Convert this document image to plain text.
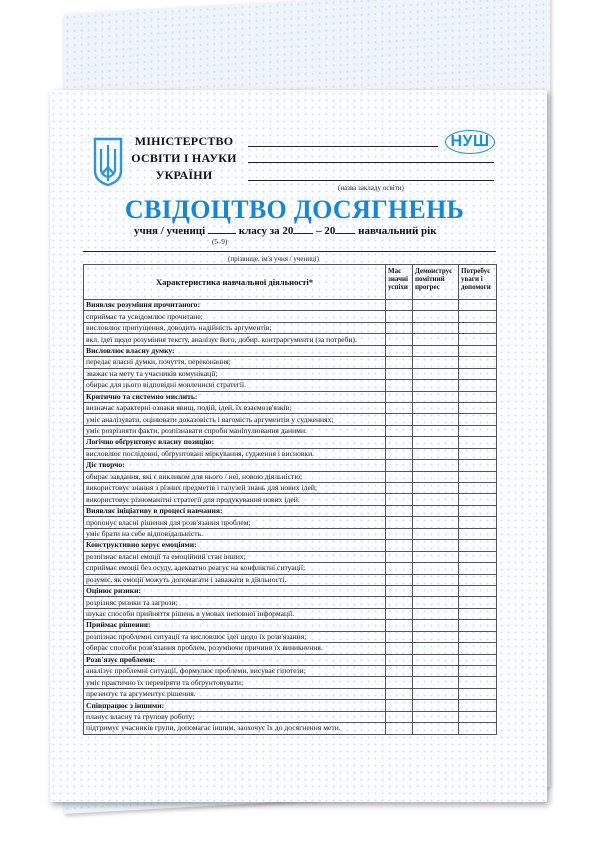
МІНІСТЕРСТВО
ОСВІТИ І НАУКИ
УКРАЇНИ
(назва закладу освіти)
НУШ
СВІДОЦТВО ДОСЯГНЕНЬ
учня / учениці	класу за 20 – 20 навчальний рік
(5–9)
(прізвище, ім'я учня / учениці)
Характеристика навчальної діяльності*	Має значні успіхи	Демонструє помітний прогрес	Потребує уваги і допомоги
Виявляє розуміння прочитаного:			
сприймає та усвідомлює прочитане;			
висловлює припущення, доводить надійність аргументів;			
вкл. ідеї щодо розуміння тексту, аналізує його, добир. контраргументи (за потреби).			
Висловлює власну думку:			
передає власні думки, почуття, переконання;			
зважає на мету та учасників комунікації;			
обирає для цього відповідні мовленнєві стратегії.			
Критично та системно мислить:			
визначає характерні ознаки явищ, подій, ідей, їх взаємозв'язків;			
уміє аналізувати, оцінювати доказовість і вагомість аргументів у судженнях;			
уміє розрізняти факти, розпізнавати спроби маніпулювання даними.			
Логічно обґрунтовує власну позицію:			
висловлює послідовні, обґрунтовані міркування, судження і висновки.			
Діє творчо:			
обирає завдання, які є викликом для нього / неї, новою діяльністю;			
використовує знання з різних предметів і галузей знань для нових ідей;			
використовує різноманітні стратегії для продукування нових ідей.			
Виявляє ініціативу в процесі навчання:			
пропонує власні рішення для розв'язання проблем;			
уміє брати на себе відповідальність.			
Конструктивно керує емоціями:			
розпізнає власні емоції та емоційний стан інших;			
сприймає емоції без осуду, адекватно реагує на конфліктні ситуації;			
розуміє, як емоції можуть допомагати і заважати в діяльності.			
Оцінює ризики:			
розрізняє ризики та загрози;			
шукає способи прийняття рішень в умовах неповної інформації.			
Приймає рішення:			
розпізнає проблемні ситуації та висловлює ідеї щодо їх розв'язання;			
обирає способи розв'язання проблем, розуміючи причини їх виникнення.			
Розв'язує проблеми:			
аналізує проблемні ситуації, формулює проблеми, висуває гіпотези;			
уміє практично їх перевіряти та обґрунтовувати;			
презентує та аргументує рішення.			
Співпрацює з іншими:			
планує власну та групову роботу;			
підтримує учасників групи, допомагає іншим, заохочує їх до досягнення мети.			
